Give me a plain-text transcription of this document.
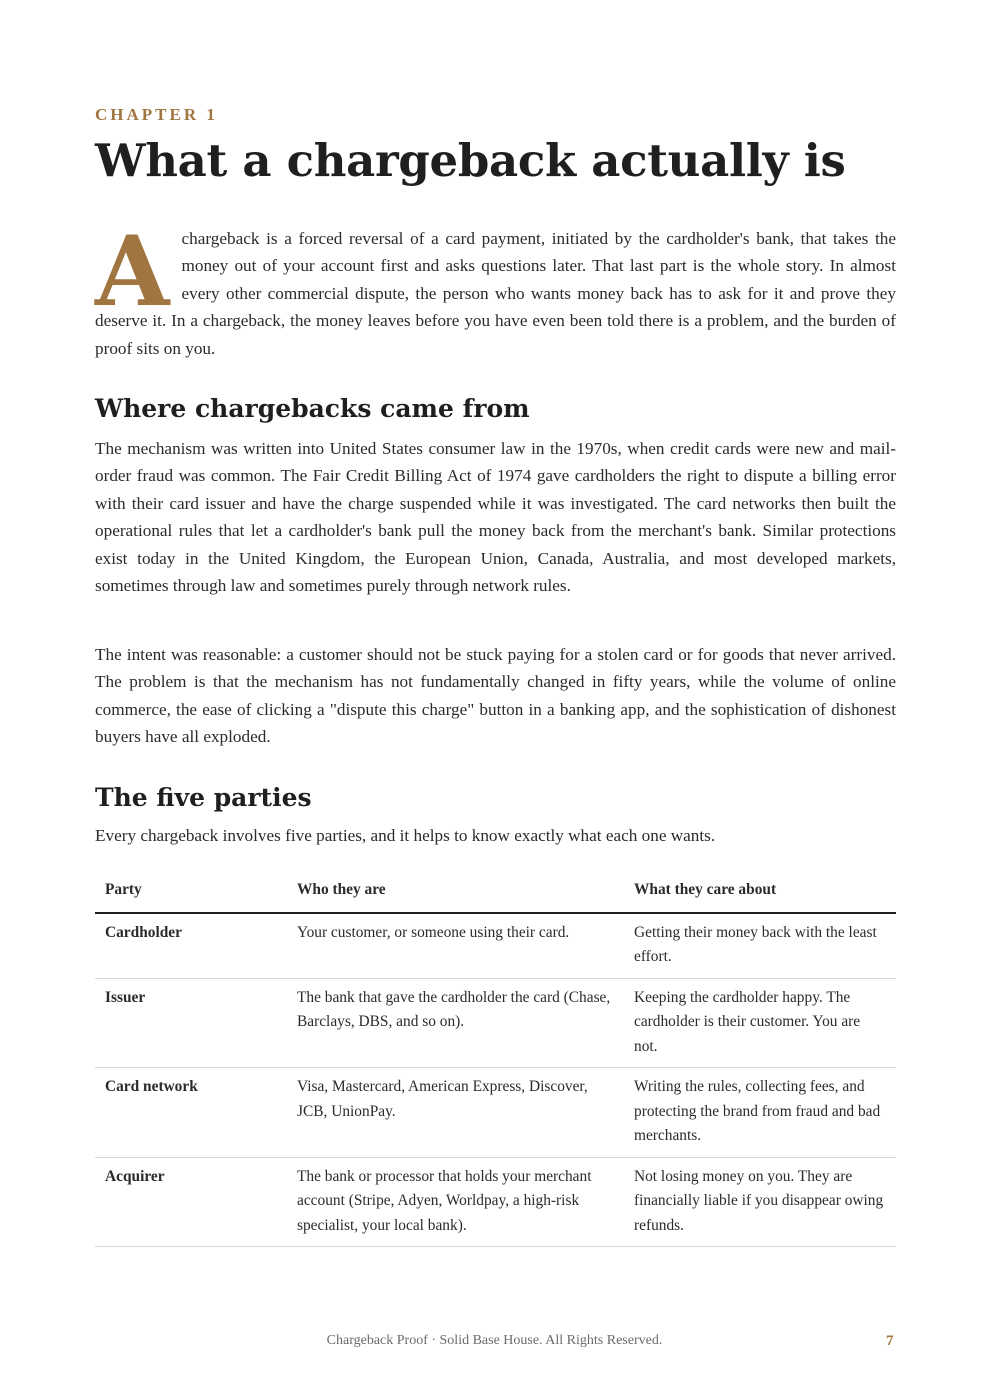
CHAPTER 1
What a chargeback actually is

Achargeback is a forced reversal of a card payment, initiated by the cardholder's bank, that takes the money out of your account first and asks questions later. That last part is the whole story. In almost every other commercial dispute, the person who wants money back has to ask for it and prove they deserve it. In a chargeback, the money leaves before you have even been told there is a problem, and the burden of proof sits on you.

Where chargebacks came from

The mechanism was written into United States consumer law in the 1970s, when credit cards were new and mail-order fraud was common. The Fair Credit Billing Act of 1974 gave cardholders the right to dispute a billing error with their card issuer and have the charge suspended while it was investigated. The card networks then built the operational rules that let a cardholder's bank pull the money back from the merchant's bank. Similar protections exist today in the United Kingdom, the European Union, Canada, Australia, and most developed markets, sometimes through law and sometimes purely through network rules.

The intent was reasonable: a customer should not be stuck paying for a stolen card or for goods that never arrived. The problem is that the mechanism has not fundamentally changed in fifty years, while the volume of online commerce, the ease of clicking a "dispute this charge" button in a banking app, and the sophistication of dishonest buyers have all exploded.

The five parties

Every chargeback involves five parties, and it helps to know exactly what each one wants.

Party	Who they are	What they care about
Cardholder	Your customer, or someone using their card.	Getting their money back with the least effort.
Issuer	The bank that gave the cardholder the card (Chase, Barclays, DBS, and so on).	Keeping the cardholder happy. The cardholder is their customer. You are not.
Card network	Visa, Mastercard, American Express, Discover, JCB, UnionPay.	Writing the rules, collecting fees, and protecting the brand from fraud and bad merchants.
Acquirer	The bank or processor that holds your merchant account (Stripe, Adyen, Worldpay, a high-risk specialist, your local bank).	Not losing money on you. They are financially liable if you disappear owing refunds.
Chargeback Proof · Solid Base House. All Rights Reserved.	7
